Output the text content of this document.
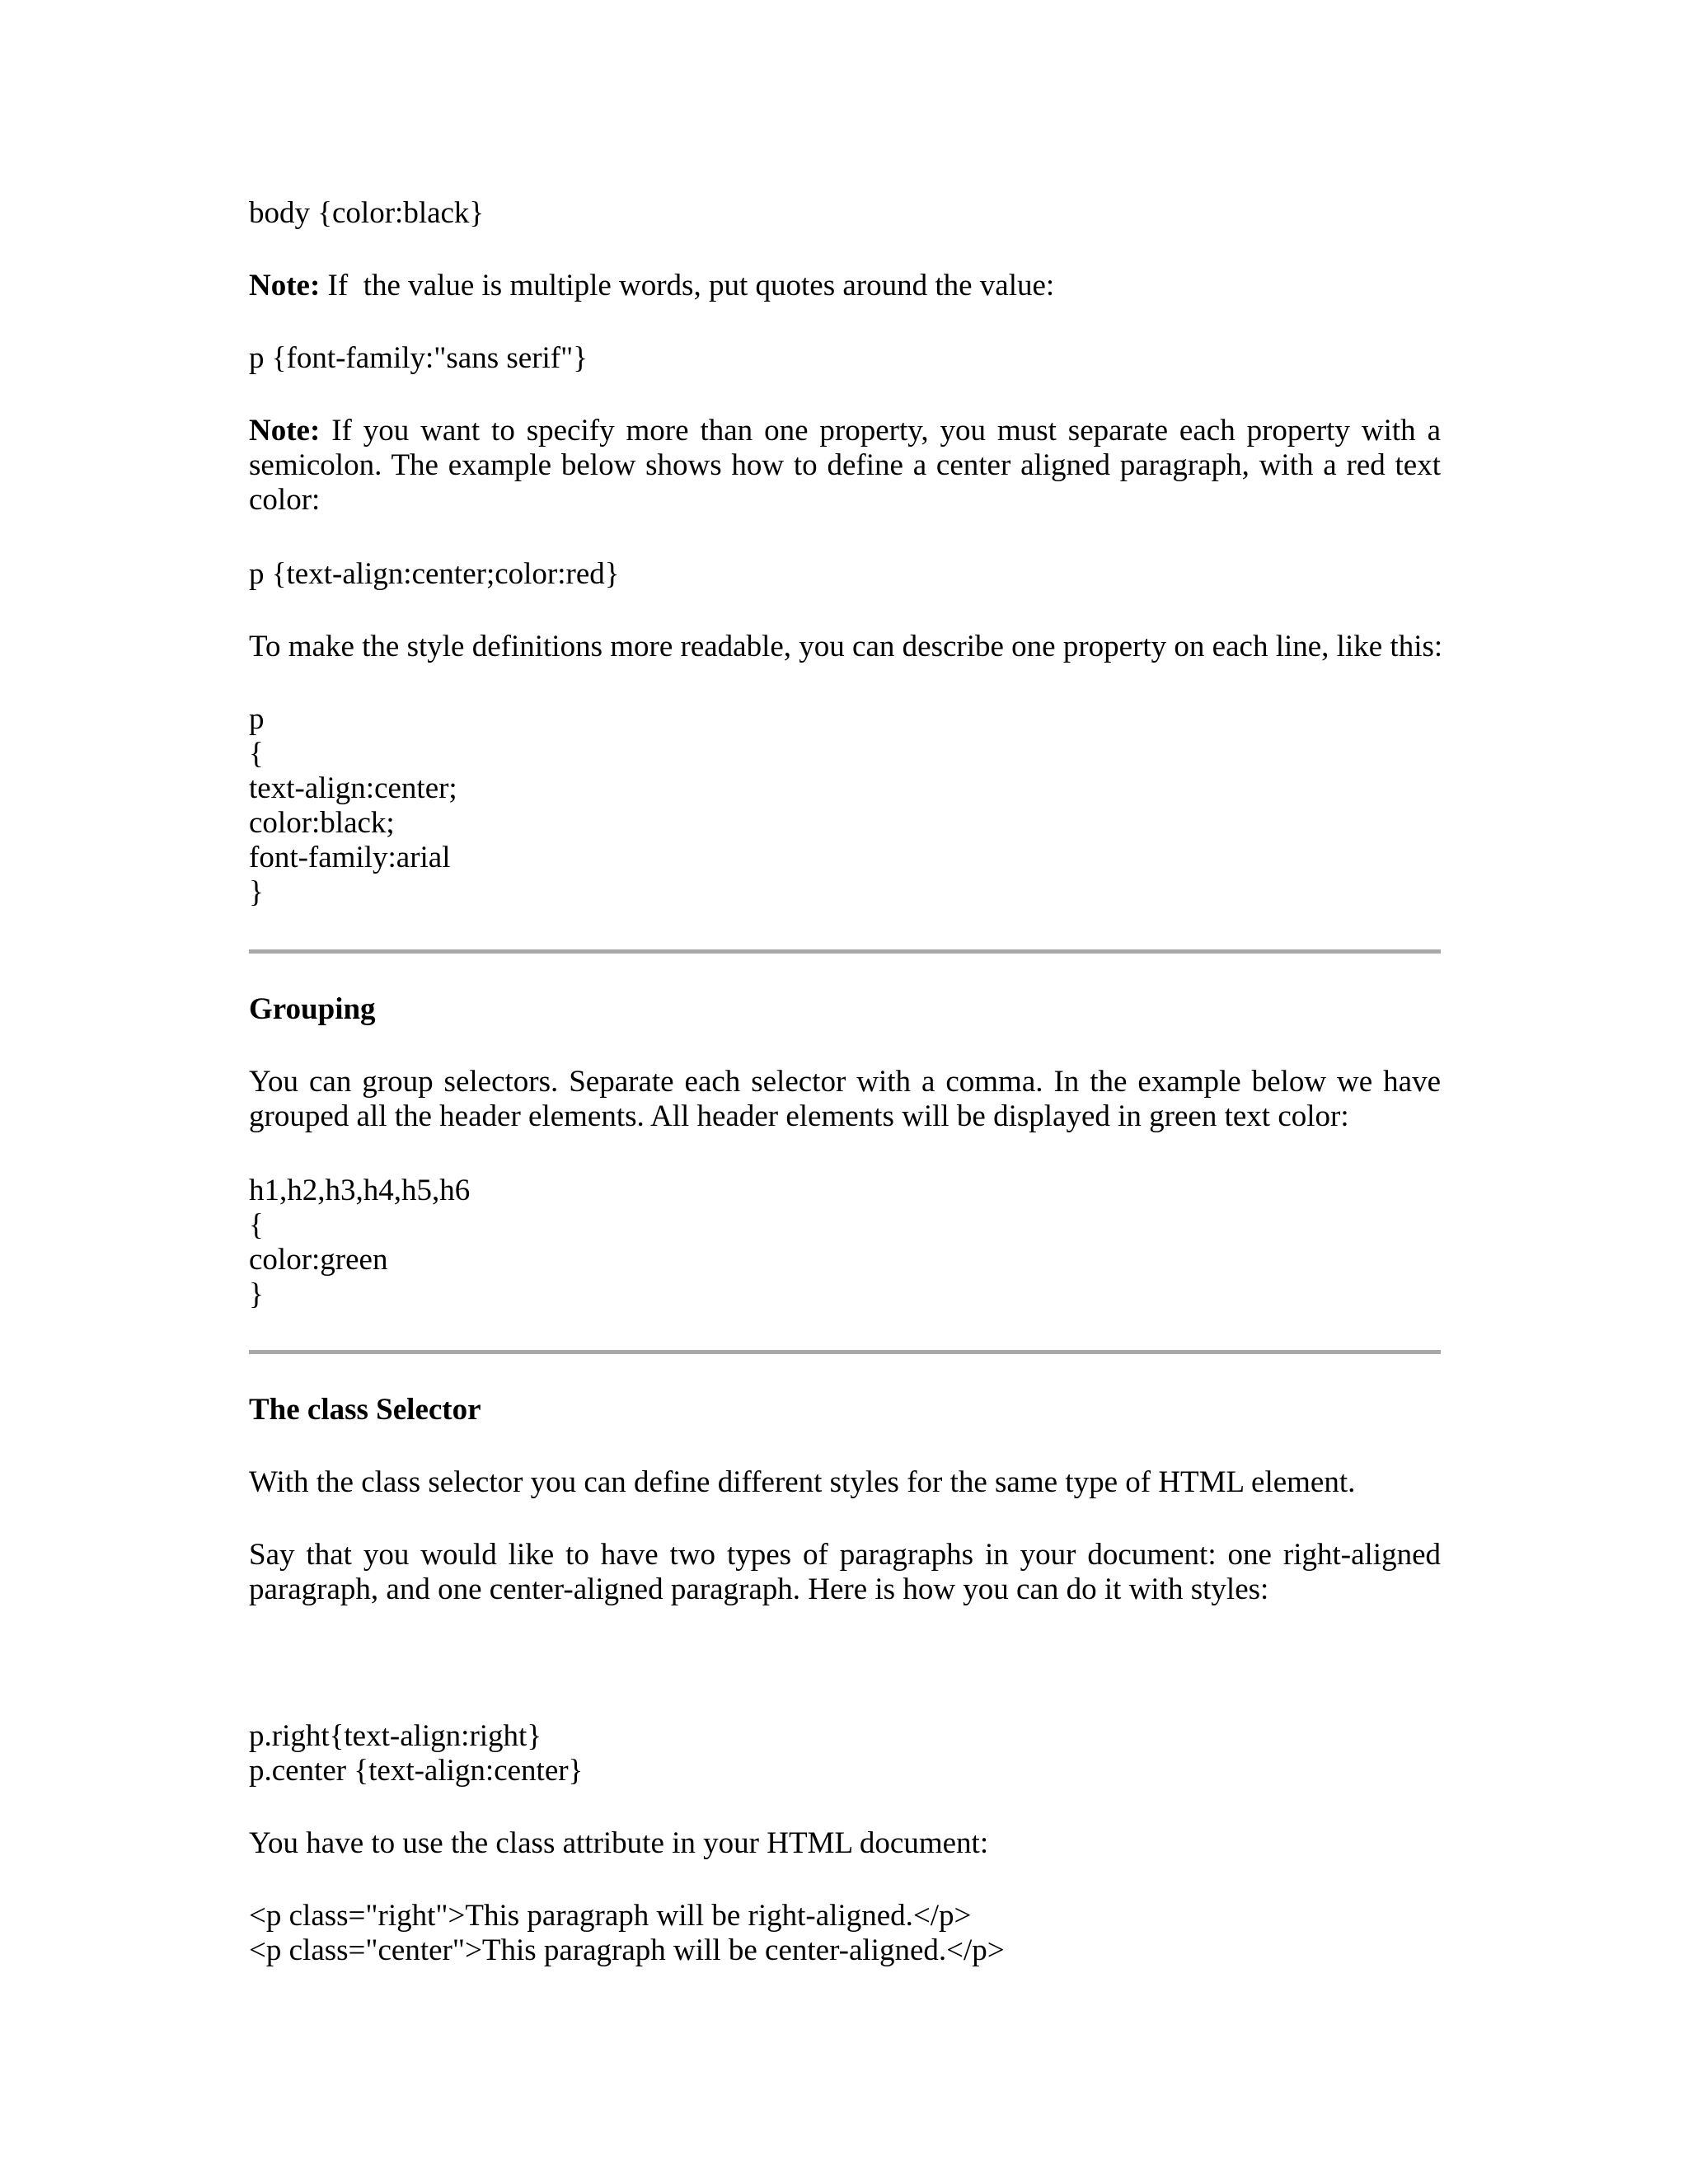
body {color:black}
Note: If  the value is multiple words, put quotes around the value:
p {font-family:"sans serif"}
Note: If you want to specify more than one property, you must separate each property with a semicolon. The example below shows how to define a center aligned paragraph, with a red text color:
p {text-align:center;color:red}
To make the style definitions more readable, you can describe one property on each line, like this:
p
{
text-align:center;
color:black;
font-family:arial
}
Grouping
You can group selectors. Separate each selector with a comma. In the example below we have grouped all the header elements. All header elements will be displayed in green text color:
h1,h2,h3,h4,h5,h6
{
color:green
}
The class Selector
With the class selector you can define different styles for the same type of HTML element.
Say that you would like to have two types of paragraphs in your document: one right-aligned paragraph, and one center-aligned paragraph. Here is how you can do it with styles:
p.right{text-align:right}
p.center {text-align:center}
You have to use the class attribute in your HTML document:
<p class="right">This paragraph will be right-aligned.</p>
<p class="center">This paragraph will be center-aligned.</p>
